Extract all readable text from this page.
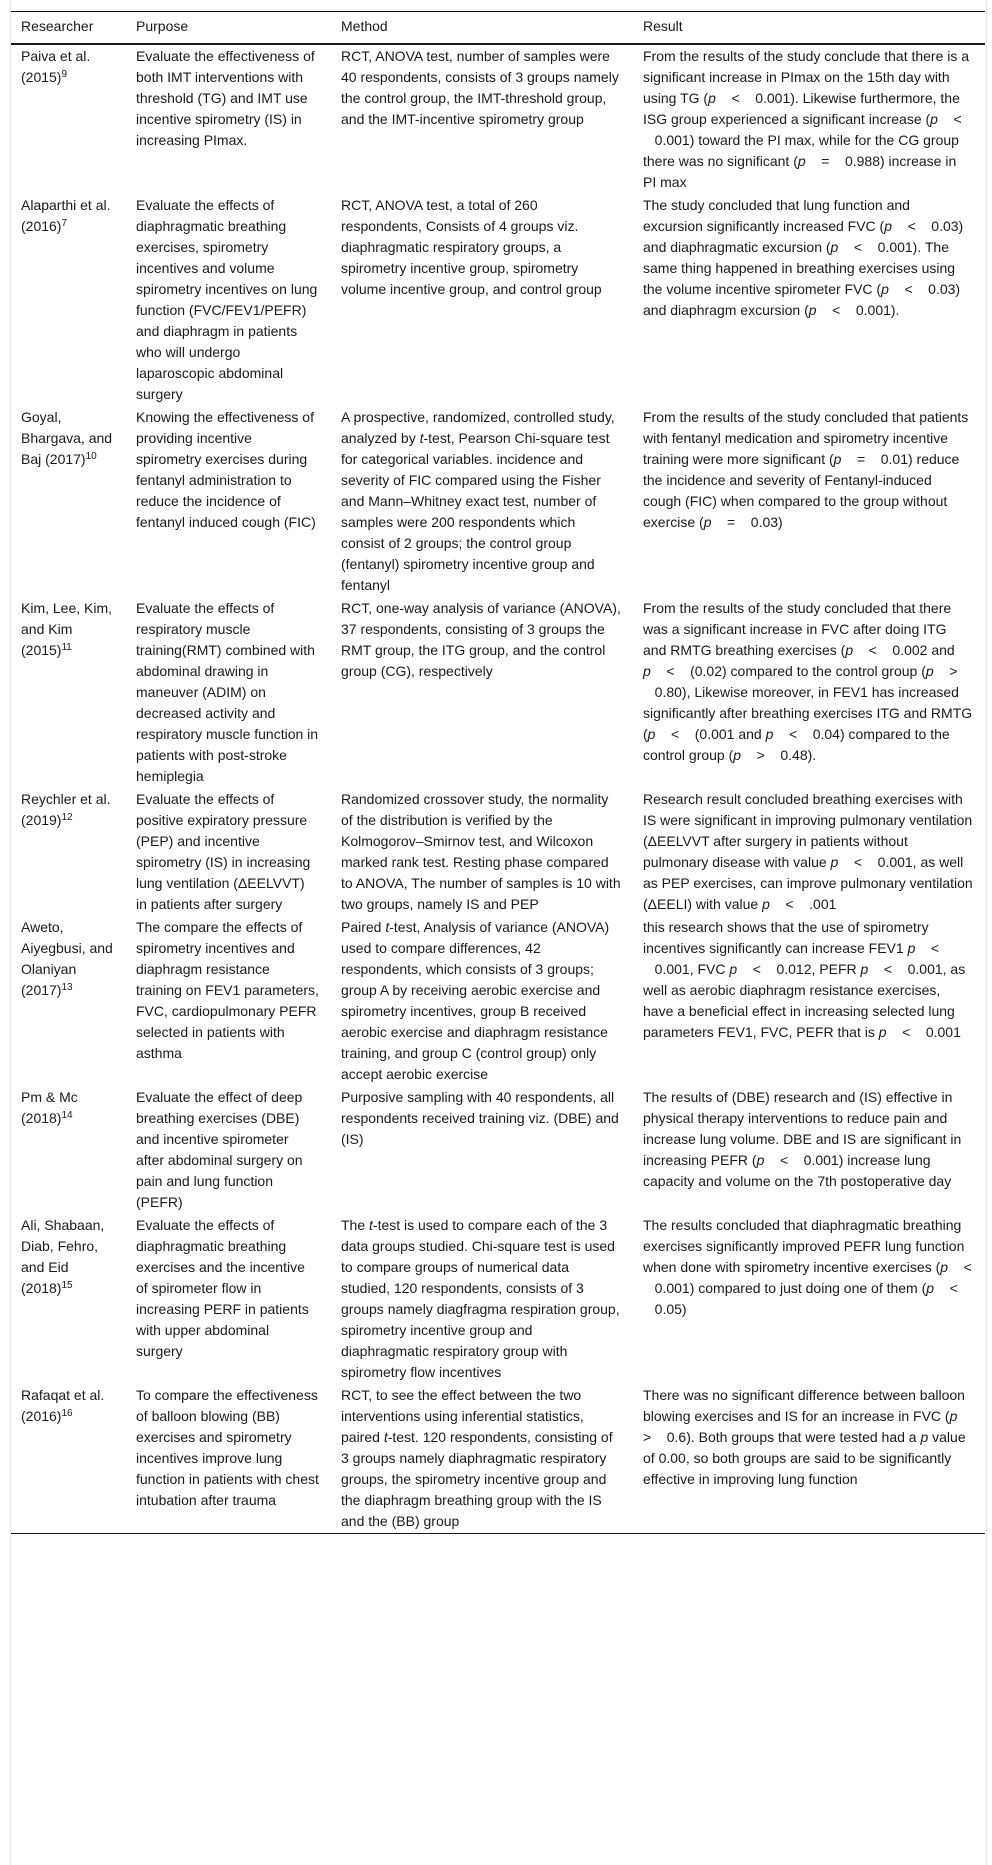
Researcher	Purpose	Method	Result
Paiva et al. $(2015)^9$	Evaluate the effectiveness of both IMT interventions with threshold (TG) and IMT use incentive spirometry (IS) in increasing PImax.	RCT, ANOVA test, number of samples were 40 respondents, consists of 3 groups namely the control group, the IMT-threshold group, and the IMT-incentive spirometry group	From the results of the study conclude that there is a significant increase in PImax on the 15th day with using TG (p    <    0.001). Likewise furthermore, the ISG group experienced a significant increase (p    <    0.001) toward the PI max, while for the CG group there was no significant (p    =    0.988) increase in PI max
Alaparthi et al. $(2016)^7$	Evaluate the effects of diaphragmatic breathing exercises, spirometry incentives and volume spirometry incentives on lung function (FVC/FEV1/PEFR) and diaphragm in patients who will undergo laparoscopic abdominal surgery	RCT, ANOVA test, a total of 260 respondents, Consists of 4 groups viz. diaphragmatic respiratory groups, a spirometry incentive group, spirometry volume incentive group, and control group	The study concluded that lung function and excursion significantly increased FVC (p    <    0.03) and diaphragmatic excursion (p    <    0.001). The same thing happened in breathing exercises using the volume incentive spirometer FVC (p    <    0.03) and diaphragm excursion (p    <    0.001).
Goyal, Bhargava, and Baj $(2017)^{10}$	Knowing the effectiveness of providing incentive spirometry exercises during fentanyl administration to reduce the incidence of fentanyl induced cough (FIC)	A prospective, randomized, controlled study, analyzed by t-test, Pearson Chi-square test for categorical variables. incidence and severity of FIC compared using the Fisher and Mann–Whitney exact test, number of samples were 200 respondents which consist of 2 groups; the control group (fentanyl) spirometry incentive group and fentanyl	From the results of the study concluded that patients with fentanyl medication and spirometry incentive training were more significant (p    =    0.01) reduce the incidence and severity of Fentanyl-induced cough (FIC) when compared to the group without exercise (p    =    0.03)
Kim, Lee, Kim, and Kim $(2015)^{11}$	Evaluate the effects of respiratory muscle training(RMT) combined with abdominal drawing in maneuver (ADIM) on decreased activity and respiratory muscle function in patients with post-stroke hemiplegia	RCT, one-way analysis of variance (ANOVA), 37 respondents, consisting of 3 groups the RMT group, the ITG group, and the control group (CG), respectively	From the results of the study concluded that there was a significant increase in FVC after doing ITG and RMTG breathing exercises (p    <    0.002 and p    <    (0.02) compared to the control group (p    >    0.80), Likewise moreover, in FEV1 has increased significantly after breathing exercises ITG and RMTG (p    <    (0.001 and p    <    0.04) compared to the control group (p    >    0.48).
Reychler et al. $(2019)^{12}$	Evaluate the effects of positive expiratory pressure (PEP) and incentive spirometry (IS) in increasing lung ventilation (ΔEELVVT) in patients after surgery	Randomized crossover study, the normality of the distribution is verified by the Kolmogorov–Smirnov test, and Wilcoxon marked rank test. Resting phase compared to ANOVA, The number of samples is 10 with two groups, namely IS and PEP	Research result concluded breathing exercises with IS were significant in improving pulmonary ventilation (ΔEELVVT after surgery in patients without pulmonary disease with value p    <    0.001, as well as PEP exercises, can improve pulmonary ventilation (ΔEELI) with value p    <    .001
Aweto, Aiyegbusi, and Olaniyan $(2017)^{13}$	The compare the effects of spirometry incentives and diaphragm resistance training on FEV1 parameters, FVC, cardiopulmonary PEFR selected in patients with asthma	Paired t-test, Analysis of variance (ANOVA) used to compare differences, 42 respondents, which consists of 3 groups; group A by receiving aerobic exercise and spirometry incentives, group B received aerobic exercise and diaphragm resistance training, and group C (control group) only accept aerobic exercise	this research shows that the use of spirometry incentives significantly can increase FEV1 p    <    0.001, FVC p    <    0.012, PEFR p    <    0.001, as well as aerobic diaphragm resistance exercises, have a beneficial effect in increasing selected lung parameters FEV1, FVC, PEFR that is p    <    0.001
Pm & Mc $(2018)^{14}$	Evaluate the effect of deep breathing exercises (DBE) and incentive spirometer after abdominal surgery on pain and lung function (PEFR)	Purposive sampling with 40 respondents, all respondents received training viz. (DBE) and (IS)	The results of (DBE) research and (IS) effective in physical therapy interventions to reduce pain and increase lung volume. DBE and IS are significant in increasing PEFR (p    <    0.001) increase lung capacity and volume on the 7th postoperative day
Ali, Shabaan, Diab, Fehro, and Eid $(2018)^{15}$	Evaluate the effects of diaphragmatic breathing exercises and the incentive of spirometer flow in increasing PERF in patients with upper abdominal surgery	The t-test is used to compare each of the 3 data groups studied. Chi-square test is used to compare groups of numerical data studied, 120 respondents, consists of 3 groups namely diagfragma respiration group, spirometry incentive group and diaphragmatic respiratory group with spirometry flow incentives	The results concluded that diaphragmatic breathing exercises significantly improved PEFR lung function when done with spirometry incentive exercises (p    <    0.001) compared to just doing one of them (p    <    0.05)
Rafaqat et al. $(2016)^{16}$	To compare the effectiveness of balloon blowing (BB) exercises and spirometry incentives improve lung function in patients with chest intubation after trauma	RCT, to see the effect between the two interventions using inferential statistics, paired t-test. 120 respondents, consisting of 3 groups namely diaphragmatic respiratory groups, the spirometry incentive group and the diaphragm breathing group with the IS and the (BB) group	There was no significant difference between balloon blowing exercises and IS for an increase in FVC (p    >    0.6). Both groups that were tested had a p value of 0.00, so both groups are said to be significantly effective in improving lung function
